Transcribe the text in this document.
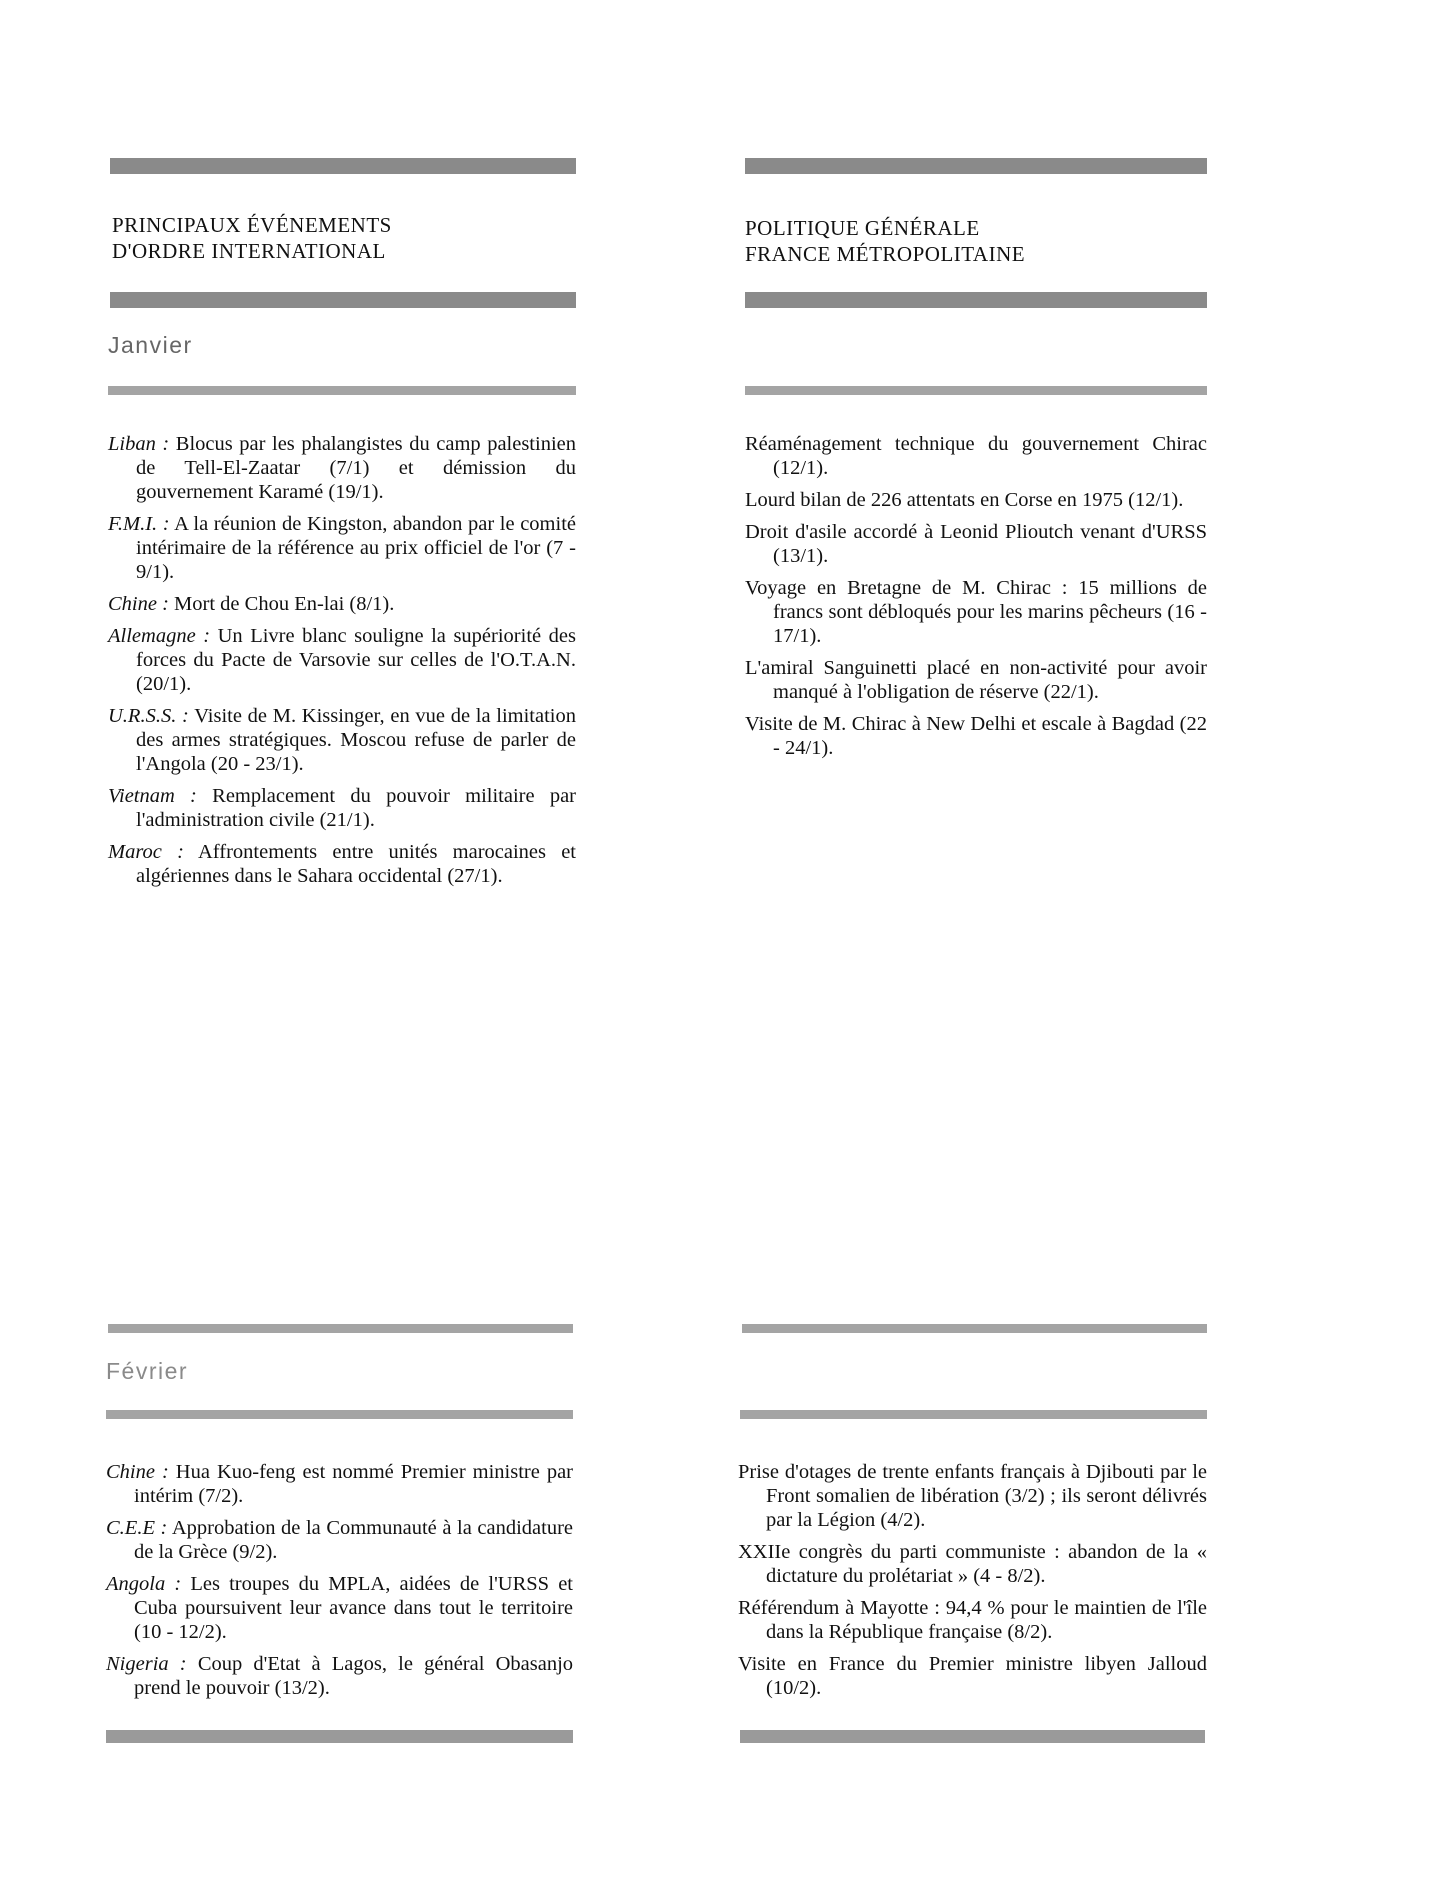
PRINCIPAUX ÉVÉNEMENTS
D'ORDRE INTERNATIONAL
POLITIQUE GÉNÉRALE
FRANCE MÉTROPOLITAINE
Janvier
Liban : Blocus par les phalangistes du camp palestinien de Tell-El-Zaatar (7/1) et démission du gouvernement Karamé (19/1).
F.M.I. : A la réunion de Kingston, abandon par le comité intérimaire de la référence au prix officiel de l'or (7 - 9/1).
Chine : Mort de Chou En-lai (8/1).
Allemagne : Un Livre blanc souligne la supériorité des forces du Pacte de Varsovie sur celles de l'O.T.A.N. (20/1).
U.R.S.S. : Visite de M. Kissinger, en vue de la limitation des armes stratégiques. Moscou refuse de parler de l'Angola (20 - 23/1).
Vietnam : Remplacement du pouvoir militaire par l'administration civile (21/1).
Maroc : Affrontements entre unités marocaines et algériennes dans le Sahara occidental (27/1).
Réaménagement technique du gouvernement Chirac (12/1).
Lourd bilan de 226 attentats en Corse en 1975 (12/1).
Droit d'asile accordé à Leonid Plioutch venant d'URSS (13/1).
Voyage en Bretagne de M. Chirac : 15 millions de francs sont débloqués pour les marins pêcheurs (16 - 17/1).
L'amiral Sanguinetti placé en non-activité pour avoir manqué à l'obligation de réserve (22/1).
Visite de M. Chirac à New Delhi et escale à Bagdad (22 - 24/1).
Février
Chine : Hua Kuo-feng est nommé Premier ministre par intérim (7/2).
C.E.E : Approbation de la Communauté à la candidature de la Grèce (9/2).
Angola : Les troupes du MPLA, aidées de l'URSS et Cuba poursuivent leur avance dans tout le territoire (10 - 12/2).
Nigeria : Coup d'Etat à Lagos, le général Obasanjo prend le pouvoir (13/2).
Prise d'otages de trente enfants français à Djibouti par le Front somalien de libération (3/2) ; ils seront délivrés par la Légion (4/2).
XXIIe congrès du parti communiste : abandon de la « dictature du prolétariat » (4 - 8/2).
Référendum à Mayotte : 94,4 % pour le maintien de l'île dans la République française (8/2).
Visite en France du Premier ministre libyen Jalloud (10/2).
